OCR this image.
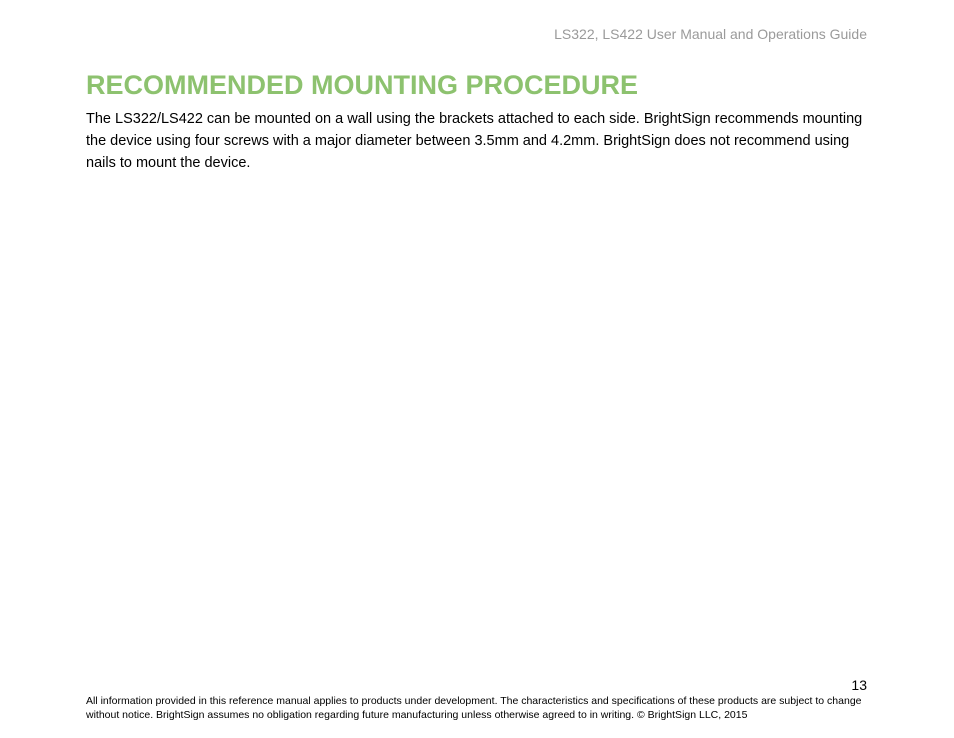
LS322, LS422 User Manual and Operations Guide
RECOMMENDED MOUNTING PROCEDURE

The LS322/LS422 can be mounted on a wall using the brackets attached to each side. BrightSign recommends mounting the device using four screws with a major diameter between 3.5mm and 4.2mm. BrightSign does not recommend using nails to mount the device.

13

All information provided in this reference manual applies to products under development. The characteristics and specifications of these products are subject to change without notice. BrightSign assumes no obligation regarding future manufacturing unless otherwise agreed to in writing. © BrightSign LLC, 2015
